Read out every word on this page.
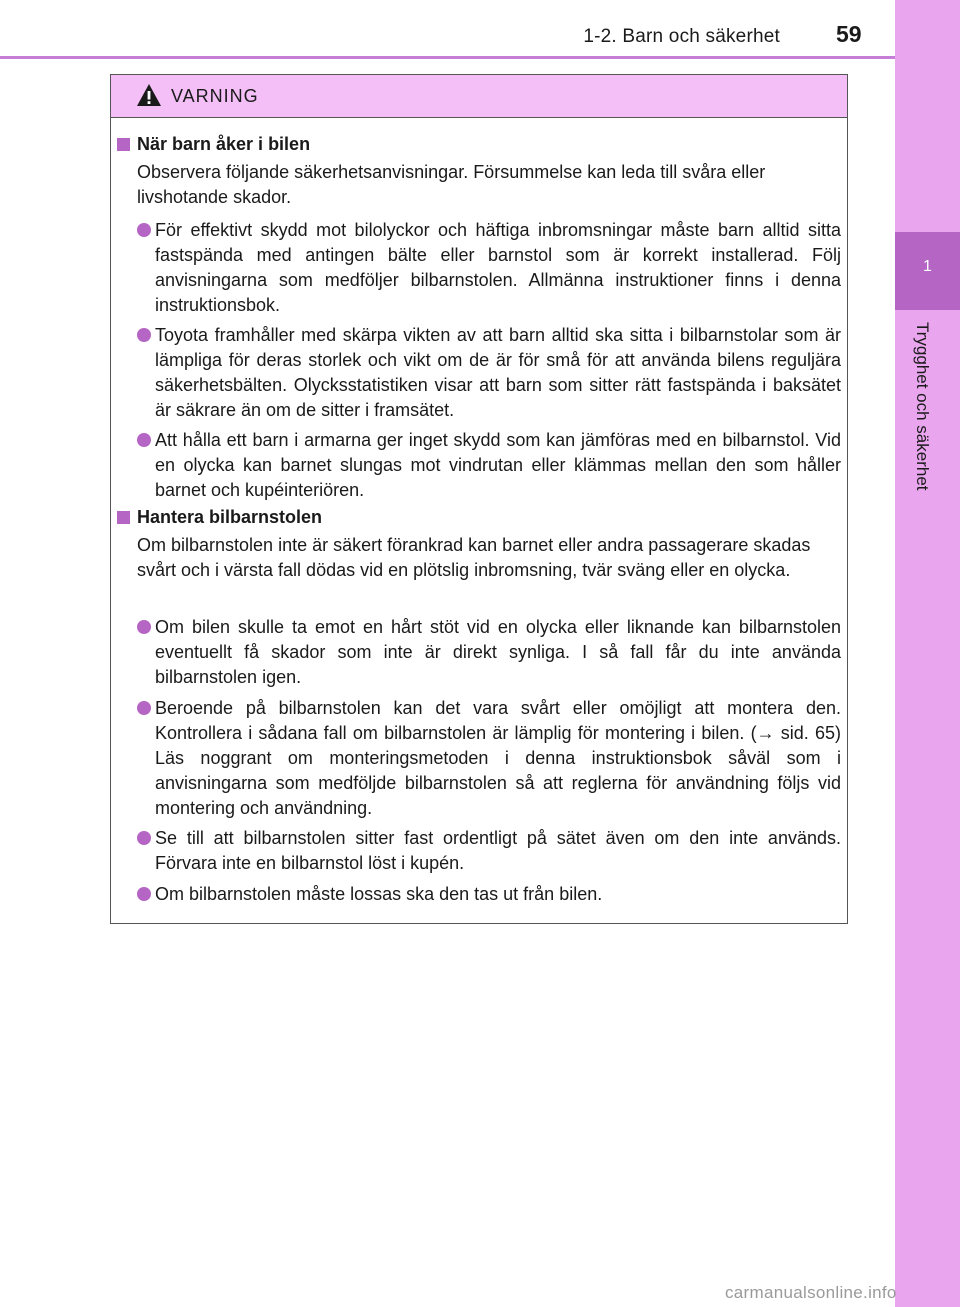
1-2. Barn och säkerhet 59
1
Trygghet och säkerhet
VARNING
När barn åker i bilen
Observera följande säkerhetsanvisningar. Försummelse kan leda till svåra eller livshotande skador.
För effektivt skydd mot bilolyckor och häftiga inbromsningar måste barn alltid sitta fastspända med antingen bälte eller barnstol som är korrekt installerad. Följ anvisningarna som medföljer bilbarnstolen. Allmänna instruktioner finns i denna instruktionsbok.
Toyota framhåller med skärpa vikten av att barn alltid ska sitta i bilbarnstolar som är lämpliga för deras storlek och vikt om de är för små för att använda bilens reguljära säkerhetsbälten. Olycksstatistiken visar att barn som sitter rätt fastspända i baksätet är säkrare än om de sitter i framsätet.
Att hålla ett barn i armarna ger inget skydd som kan jämföras med en bilbarnstol. Vid en olycka kan barnet slungas mot vindrutan eller klämmas mellan den som håller barnet och kupéinteriören.
Hantera bilbarnstolen
Om bilbarnstolen inte är säkert förankrad kan barnet eller andra passagerare skadas svårt och i värsta fall dödas vid en plötslig inbromsning, tvär sväng eller en olycka.
Om bilen skulle ta emot en hårt stöt vid en olycka eller liknande kan bilbarnstolen eventuellt få skador som inte är direkt synliga. I så fall får du inte använda bilbarnstolen igen.
Beroende på bilbarnstolen kan det vara svårt eller omöjligt att montera den. Kontrollera i sådana fall om bilbarnstolen är lämplig för montering i bilen. (→ sid. 65) Läs noggrant om monteringsmetoden i denna instruktionsbok såväl som i anvisningarna som medföljde bilbarnstolen så att reglerna för användning följs vid montering och användning.
Se till att bilbarnstolen sitter fast ordentligt på sätet även om den inte används. Förvara inte en bilbarnstol löst i kupén.
Om bilbarnstolen måste lossas ska den tas ut från bilen.
carmanualsonline.info
